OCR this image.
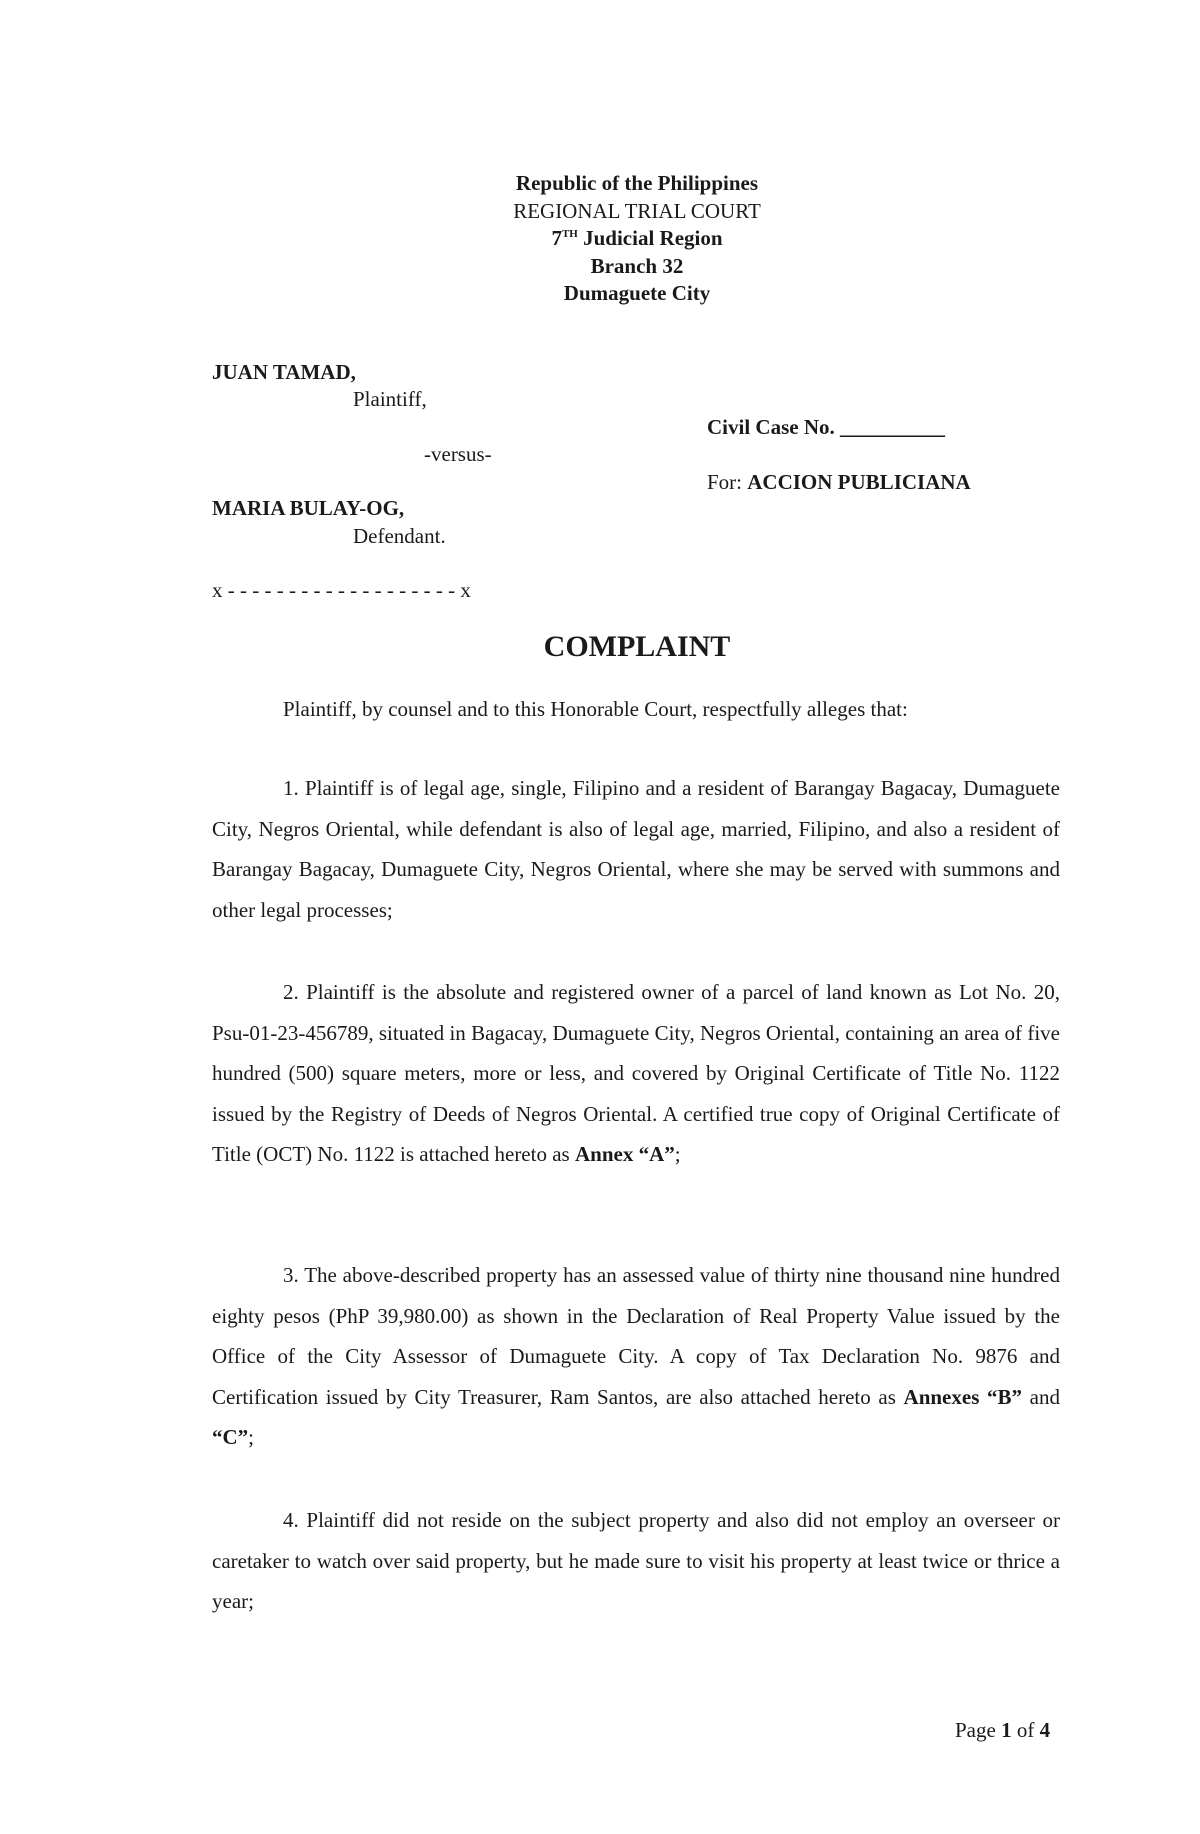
Republic of the Philippines
REGIONAL TRIAL COURT
7TH Judicial Region
Branch 32
Dumaguete City
JUAN TAMAD,
Plaintiff,
-versus-
MARIA BULAY-OG,
Defendant.
x - - - - - - - - - - - - - - - - - - - x
Civil Case No. __________
For: ACCION PUBLICIANA
COMPLAINT
Plaintiff, by counsel and to this Honorable Court, respectfully alleges that:
1. Plaintiff is of legal age, single, Filipino and a resident of Barangay Bagacay, Dumaguete City, Negros Oriental, while defendant is also of legal age, married, Filipino, and also a resident of Barangay Bagacay, Dumaguete City, Negros Oriental, where she may be served with summons and other legal processes;
2. Plaintiff is the absolute and registered owner of a parcel of land known as Lot No. 20, Psu-01-23-456789, situated in Bagacay, Dumaguete City, Negros Oriental, containing an area of five hundred (500) square meters, more or less, and covered by Original Certificate of Title No. 1122 issued by the Registry of Deeds of Negros Oriental. A certified true copy of Original Certificate of Title (OCT) No. 1122 is attached hereto as Annex “A”;
3. The above-described property has an assessed value of thirty nine thousand nine hundred eighty pesos (PhP 39,980.00) as shown in the Declaration of Real Property Value issued by the Office of the City Assessor of Dumaguete City. A copy of Tax Declaration No. 9876 and Certification issued by City Treasurer, Ram Santos, are also attached hereto as Annexes “B” and “C”;
4. Plaintiff did not reside on the subject property and also did not employ an overseer or caretaker to watch over said property, but he made sure to visit his property at least twice or thrice a year;
Page 1 of 4
